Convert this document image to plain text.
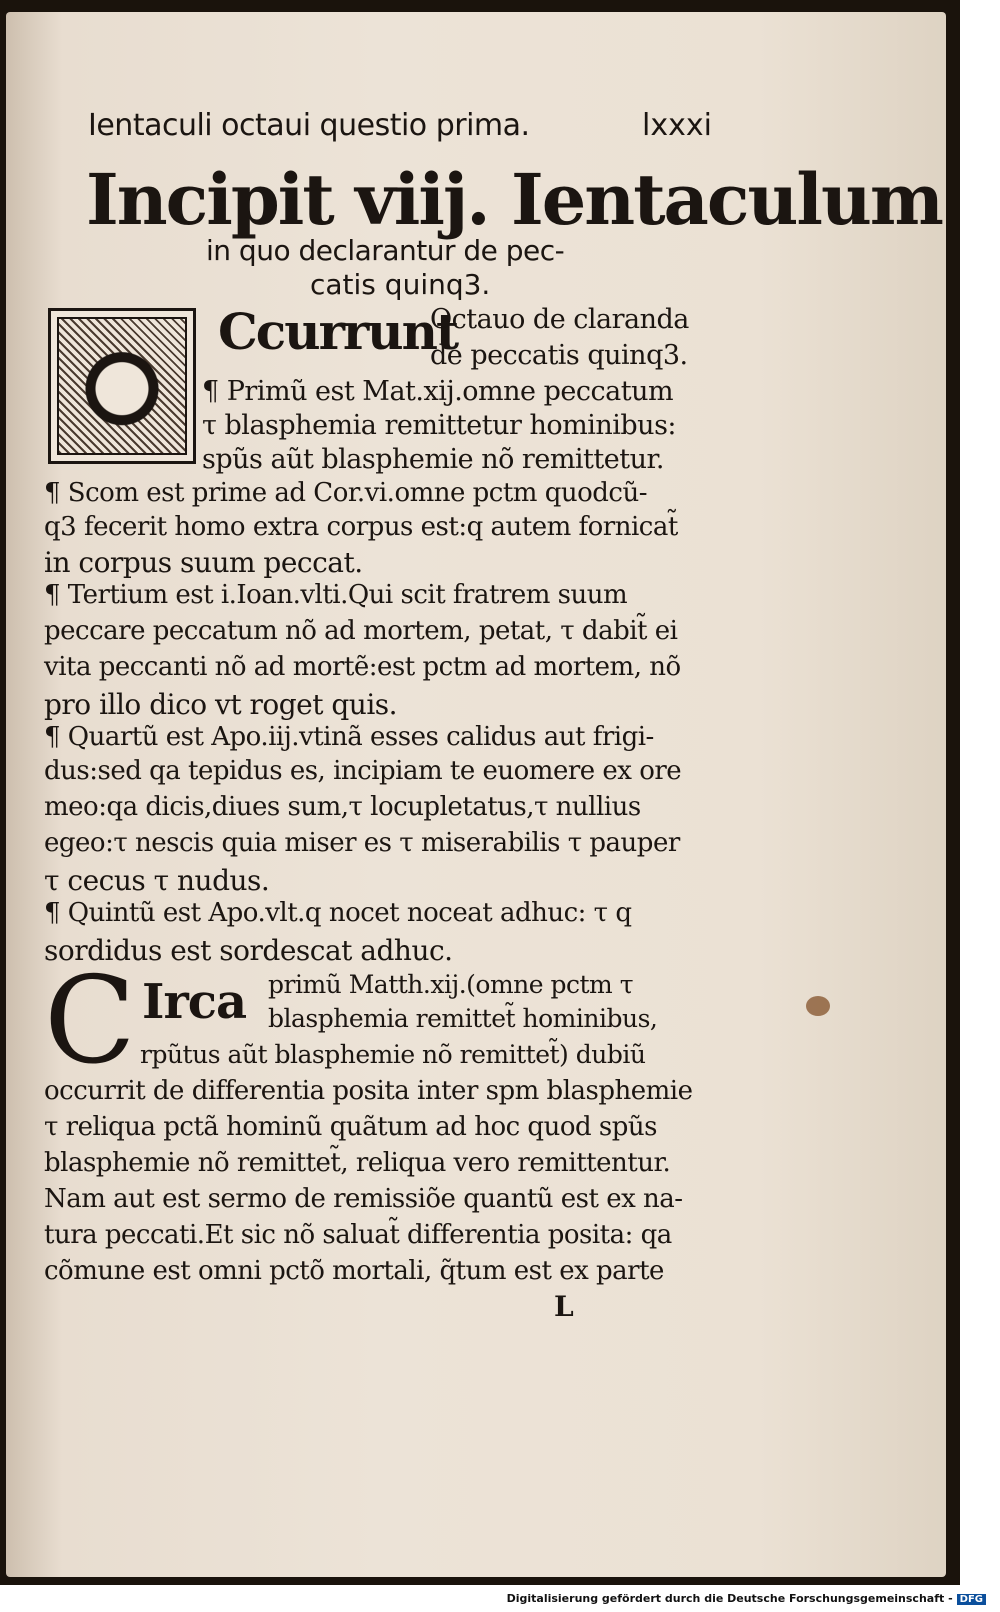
Ientaculi octaui questio prima.	lxxxi
Incipit viij. Ientaculum
in quo declarantur de pec-
catis quinq3.
Ccurrunt
Octauo de claranda
de peccatis quinq3.
¶ Primũ est Mat.xij.omne peccatum
τ blasphemia remittetur hominibus:
spũs aũt blasphemie nõ remittetur.
¶ Scom est prime ad Cor.vi.omne pctm quodcũ-
q3 fecerit homo extra corpus est:q autem fornicat̃
in corpus suum peccat.
¶ Tertium est i.Ioan.vlti.Qui scit fratrem suum
peccare peccatum nõ ad mortem, petat, τ dabit̃ ei
vita peccanti nõ ad mortẽ:est pctm ad mortem, nõ
pro illo dico vt roget quis.
¶ Quartũ est Apo.iij.vtinã esses calidus aut frigi-
dus:sed qa tepidus es, incipiam te euomere ex ore
meo:qa dicis,diues sum,τ locupletatus,τ nullius
egeo:τ nescis quia miser es τ miserabilis τ pauper
τ cecus τ nudus.
¶ Quintũ est Apo.vlt.q nocet noceat adhuc: τ q
sordidus est sordescat adhuc.
C Irca primũ Matth.xij.(omne pctm τ
blasphemia remittet̃ hominibus,
rpũtus aũt blasphemie nõ remittet̃) dubiũ
occurrit de differentia posita inter spm blasphemie
τ reliqua pctã hominũ quãtum ad hoc quod spũs
blasphemie nõ remittet̃, reliqua vero remittentur.
Nam aut est sermo de remissiõe quantũ est ex na-
tura peccati.Et sic nõ saluat̃ differentia posita: qa
cõmune est omni pctõ mortali, q̃tum est ex parte
L
Digitalisierung gefördert durch die Deutsche Forschungsgemeinschaft - DFG
